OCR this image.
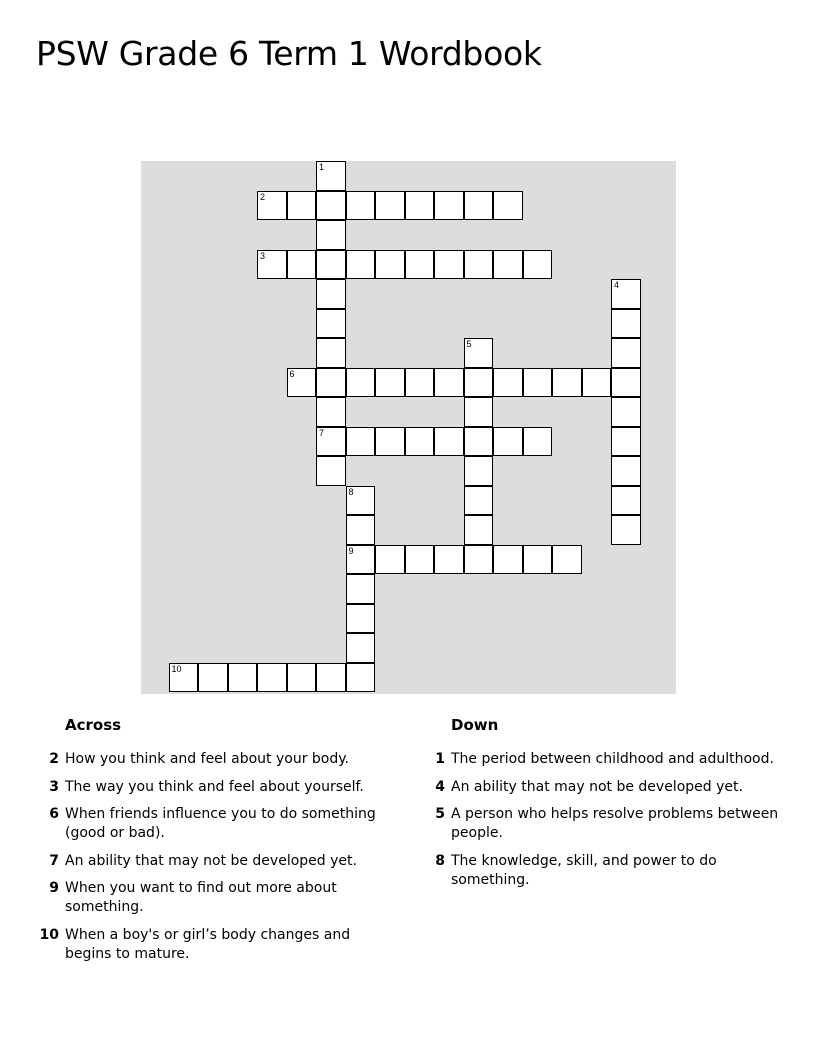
PSW Grade 6 Term 1 Wordbook
1
7
2
3
4
5
6
8
9
10
Across
2 How you think and feel about your body.
3 The way you think and feel about yourself.
6 When friends influence you to do something (good or bad).
7 An ability that may not be developed yet.
9 When you want to find out more about something.
10 When a boy's or girl’s body changes and begins to mature.
Down
1 The period between childhood and adulthood.
4 An ability that may not be developed yet.
5 A person who helps resolve problems between people.
8 The knowledge, skill, and power to do something.
